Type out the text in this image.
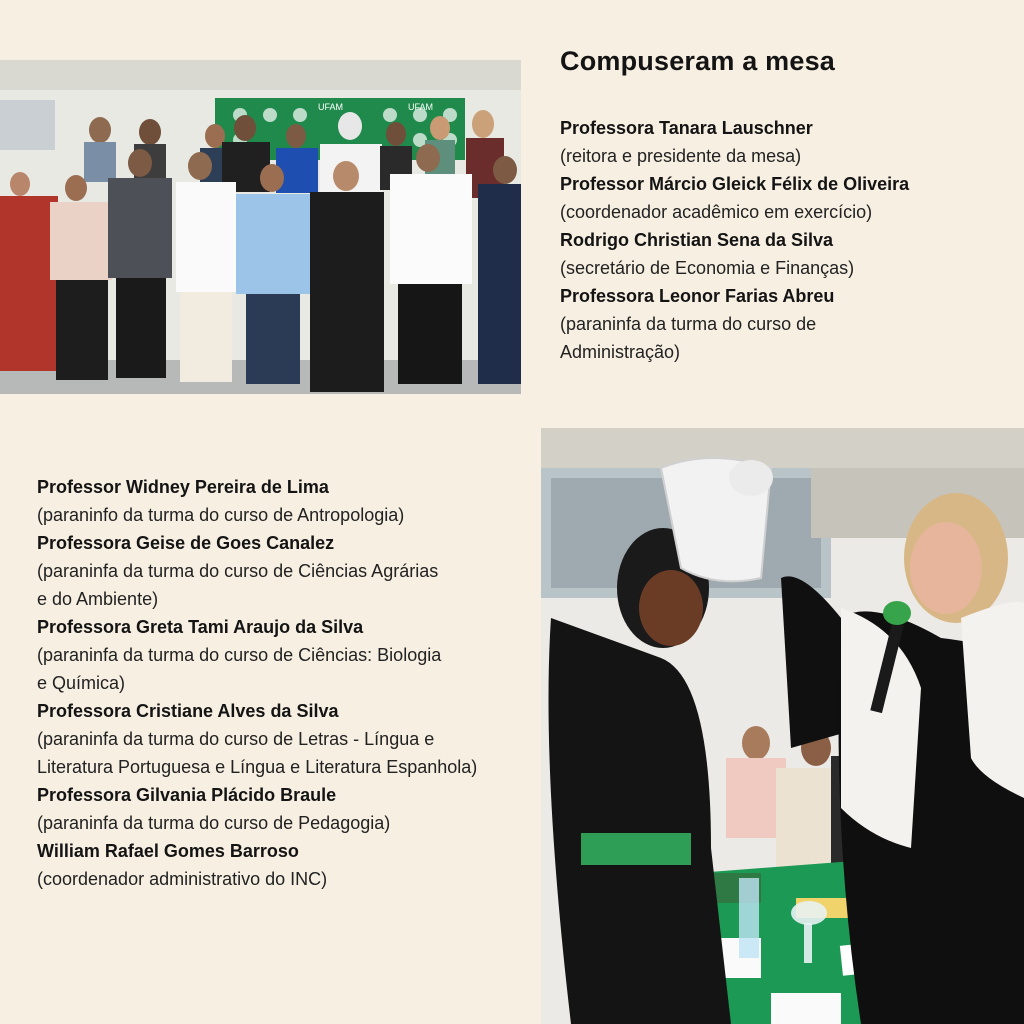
UFAM	UFAM
Compuseram a mesa
Professora Tanara Lauschner
(reitora e presidente da mesa)
Professor Márcio Gleick Félix de Oliveira
(coordenador acadêmico em exercício)
Rodrigo Christian Sena da Silva
(secretário de Economia e Finanças)
Professora Leonor Farias Abreu
(paraninfa da turma do curso de Administração)
Professor Widney Pereira de Lima
(paraninfo da turma do curso de Antropologia)
Professora Geise de Goes Canalez
(paraninfa da turma do curso de Ciências Agrárias e do Ambiente)
Professora Greta Tami Araujo da Silva
(paraninfa da turma do curso de Ciências: Biologia e Química)
Professora Cristiane Alves da Silva
(paraninfa da turma do curso de Letras - Língua e Literatura Portuguesa e Língua e Literatura Espanhola)
Professora Gilvania Plácido Braule
(paraninfa da turma do curso de Pedagogia)
William Rafael Gomes Barroso
(coordenador administrativo do INC)
